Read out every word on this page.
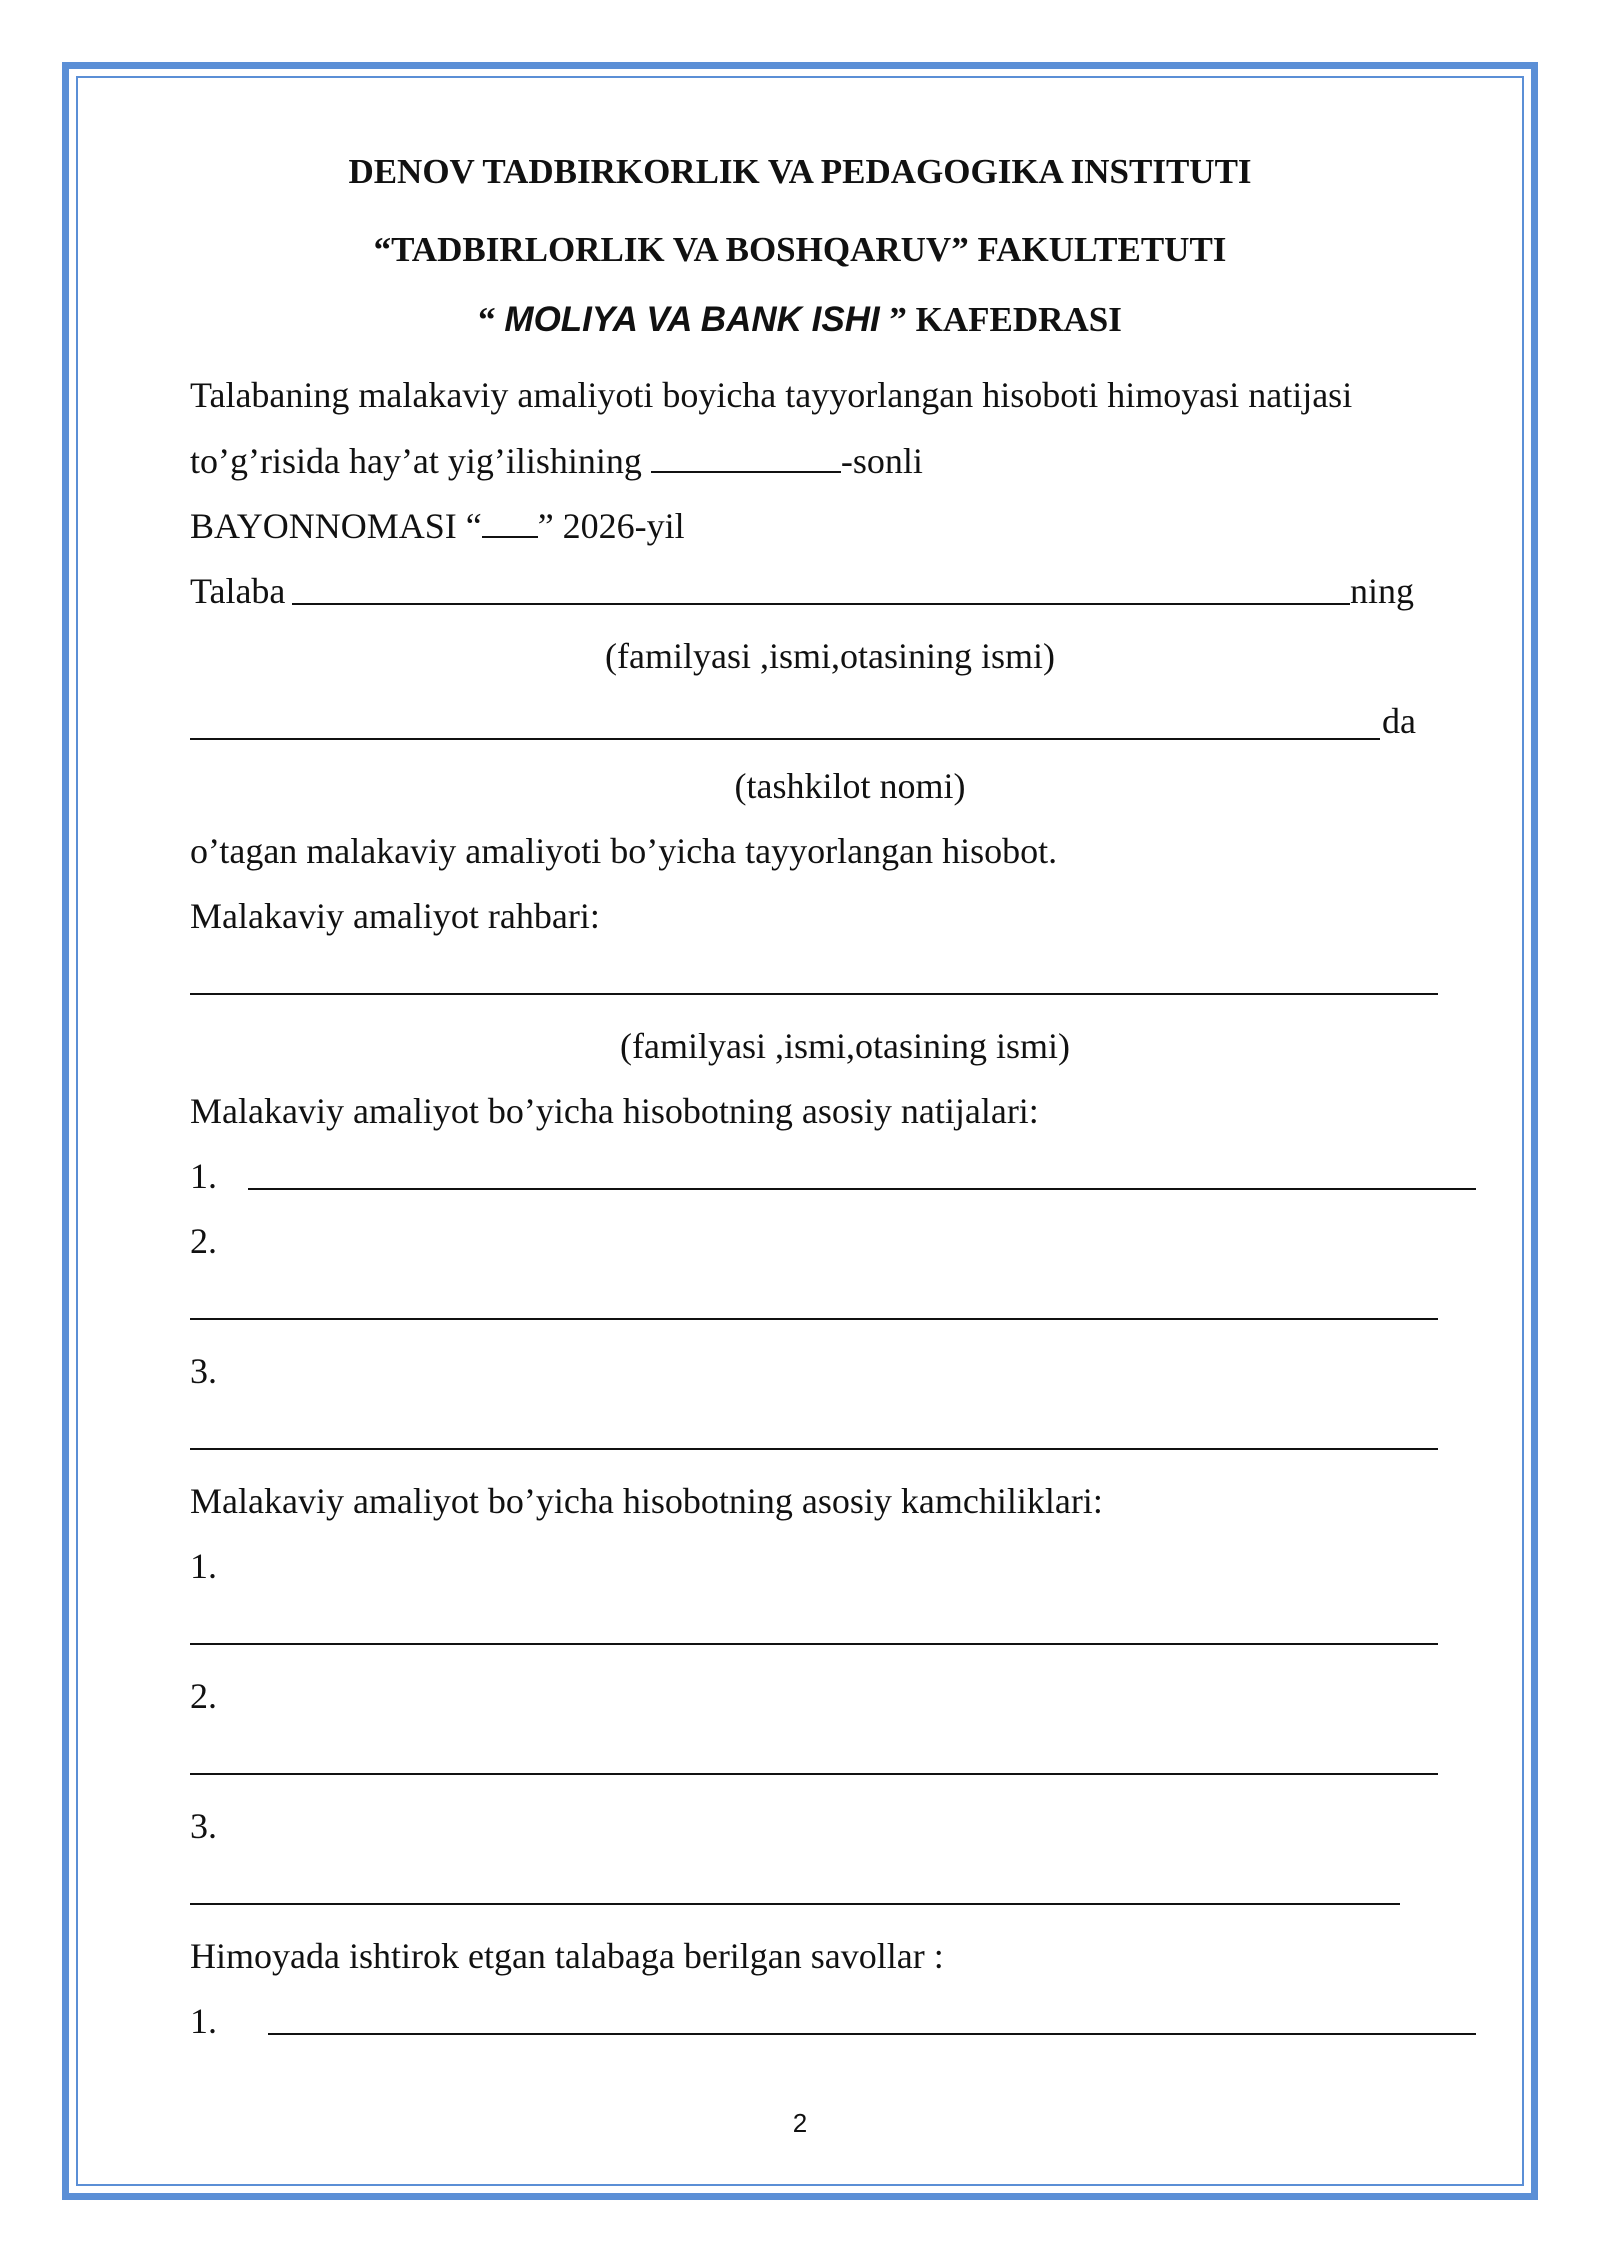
DENOV TADBIRKORLIK VA PEDAGOGIKA INSTITUTI
“TADBIRLORLIK VA BOSHQARUV” FAKULTETUTI
“ MOLIYA VA BANK ISHI ” KAFEDRASI
Talabaning malakaviy amaliyoti boyicha tayyorlangan hisoboti himoyasi natijasi
to’g’risida hay’at yig’ilishining	-sonli
BAYONNOMASI “ ” 2026-yil
Talaba	ning
(familyasi ,ismi,otasining ismi)
da
(tashkilot nomi)
o’tagan malakaviy amaliyoti bo’yicha tayyorlangan hisobot.
Malakaviy amaliyot rahbari:
(familyasi ,ismi,otasining ismi)
Malakaviy amaliyot bo’yicha hisobotning asosiy natijalari:
1.
2.
3.
Malakaviy amaliyot bo’yicha hisobotning asosiy kamchiliklari:
1.
2.
3.
Himoyada ishtirok etgan talabaga berilgan savollar :
1.
2
